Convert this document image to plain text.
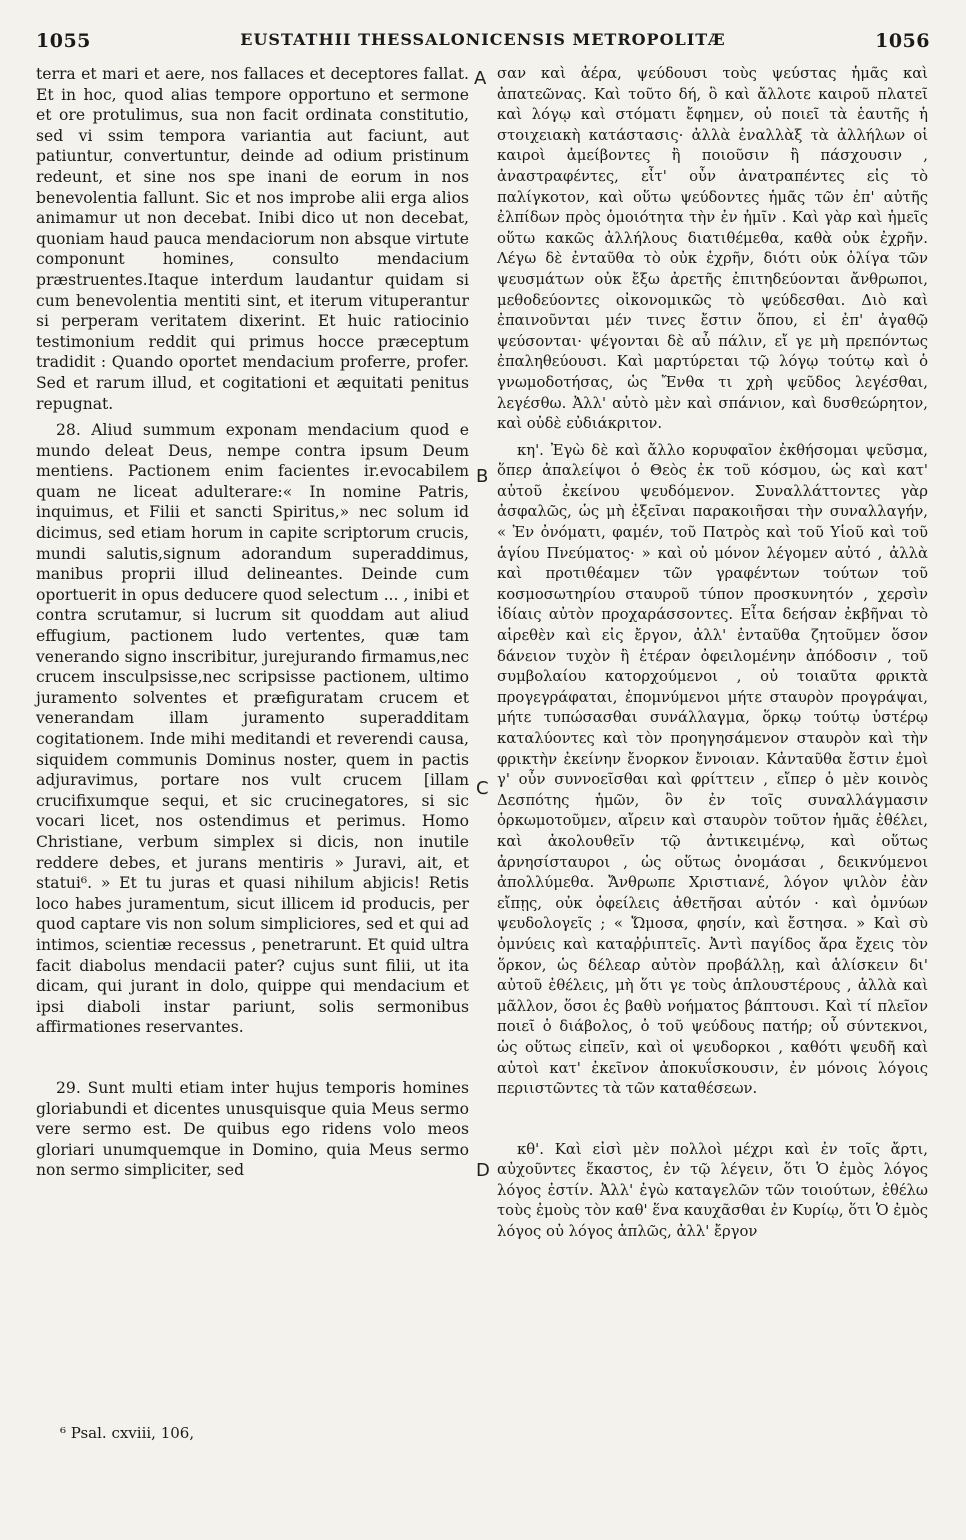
1055	EUSTATHII THESSALONICENSIS METROPOLITÆ	1056

terra et mari et aere, nos fallaces et deceptores fallat. Et in hoc, quod alias tempore opportuno et sermone et ore protulimus, sua non facit ordinata constitutio, sed vi ssim tempora variantia aut faciunt, aut patiuntur, convertuntur, deinde ad odium pristinum redeunt, et sine nos spe inani de eorum in nos benevolentia fallunt. Sic et nos improbe alii erga alios animamur ut non decebat. Inibi dico ut non decebat, quoniam haud pauca mendaciorum non absque virtute componunt homines, consulto mendacium præstruentes.Itaque interdum laudantur quidam si cum benevolentia mentiti sint, et iterum vituperantur si perperam veritatem dixerint. Et huic ratiocinio testimonium reddit qui primus hocce præceptum tradidit : Quando oportet mendacium proferre, profer. Sed et rarum illud, et cogitationi et æquitati penitus repugnat.

28. Aliud summum exponam mendacium quod e mundo deleat Deus, nempe contra ipsum Deum mentiens. Pactionem enim facientes ir.evocabilem quam ne liceat adulterare:« In nomine Patris, inquimus, et Filii et sancti Spiritus,» nec solum id dicimus, sed etiam horum in capite scriptorum crucis, mundi salutis,signum adorandum superaddimus, manibus proprii illud delineantes. Deinde cum oportuerit in opus deducere quod selectum ... , inibi et contra scrutamur, si lucrum sit quoddam aut aliud effugium, pactionem ludo vertentes, quæ tam venerando signo inscribitur, jurejurando firmamus,nec crucem insculpsisse,nec scripsisse pactionem, ultimo juramento solventes et præfiguratam crucem et venerandam illam juramento superadditam cogitationem. Inde mihi meditandi et reverendi causa, siquidem communis Dominus noster, quem in pactis adjuravimus, portare nos vult crucem [illam crucifixumque sequi, et sic crucinegatores, si sic vocari licet, nos ostendimus et perimus. Homo Christiane, verbum simplex si dicis, non inutile reddere debes, et jurans mentiris » Juravi, ait, et statui⁶. » Et tu juras et quasi nihilum abjicis! Retis loco habes juramentum, sicut illicem id producis, per quod captare vis non solum simpliciores, sed et qui ad intimos, scientiæ recessus , penetrarunt. Et quid ultra facit diabolus mendacii pater? cujus sunt filii, ut ita dicam, qui jurant in dolo, quippe qui mendacium et ipsi diaboli instar pariunt, solis sermonibus affirmationes reservantes.

29. Sunt multi etiam inter hujus temporis homines gloriabundi et dicentes unusquisque quia Meus sermo vere sermo est. De quibus ego ridens volo meos gloriari unumquemque in Domino, quia Meus sermo non sermo simpliciter, sed

σαν καὶ ἀέρα, ψεύδουσι τοὺς ψεύστας ἡμᾶς καὶ ἀπατεῶνας. Καὶ τοῦτο δή, ὃ καὶ ἄλλοτε καιροῦ πλατεῖ καὶ λόγῳ καὶ στόματι ἔφημεν, οὐ ποιεῖ τὰ ἑαυτῆς ἡ στοιχειακὴ κατάστασις· ἀλλὰ ἐναλλὰξ τὰ ἀλλήλων οἱ καιροὶ ἀμείβοντες ἢ ποιοῦσιν ἢ πάσχουσιν , ἀναστραφέντες, εἶτ' οὖν ἀνατραπέντες εἰς τὸ παλίγκοτον, καὶ οὕτω ψεύδοντες ἡμᾶς τῶν ἐπ' αὐτῆς ἐλπίδων πρὸς ὁμοιότητα τὴν ἐν ἡμῖν . Καὶ γὰρ καὶ ἡμεῖς οὕτω κακῶς ἀλλήλους διατιθέμεθα, καθὰ οὐκ ἐχρῆν. Λέγω δὲ ἐνταῦθα τὸ οὐκ ἐχρῆν, διότι οὐκ ὀλίγα τῶν ψευσμάτων οὐκ ἔξω ἀρετῆς ἐπιτηδεύονται ἄνθρωποι, μεθοδεύοντες οἰκονομικῶς τὸ ψεύδεσθαι. Διὸ καὶ ἐπαινοῦνται μέν τινες ἔστιν ὅπου, εἰ ἐπ' ἀγαθῷ ψεύσονται· ψέγονται δὲ αὖ πάλιν, εἴ γε μὴ πρεπόντως ἐπαληθεύουσι. Καὶ μαρτύρεται τῷ λόγῳ τούτῳ καὶ ὁ γνωμοδοτήσας, ὡς Ἔνθα τι χρὴ ψεῦδος λεγέσθαι, λεγέσθω. Ἀλλ' αὐτὸ μὲν καὶ σπάνιον, καὶ δυσθεώρητον, καὶ οὐδὲ εὐδιάκριτον.

κη'. Ἐγὼ δὲ καὶ ἄλλο κορυφαῖον ἐκθήσομαι ψεῦσμα, ὅπερ ἀπαλείψοι ὁ Θεὸς ἐκ τοῦ κόσμου, ὡς καὶ κατ' αὐτοῦ ἐκείνου ψευδόμενον. Συναλλάττοντες γὰρ ἀσφαλῶς, ὡς μὴ ἐξεῖναι παρακοιῆσαι τὴν συναλλαγήν, « Ἐν ὀνόματι, φαμέν, τοῦ Πατρὸς καὶ τοῦ Υἱοῦ καὶ τοῦ ἁγίου Πνεύματος· » καὶ οὐ μόνον λέγομεν αὐτό , ἀλλὰ καὶ προτιθέαμεν τῶν γραφέντων τούτων τοῦ κοσμοσωτηρίου σταυροῦ τύπον προσκυνητόν , χερσὶν ἰδίαις αὐτὸν προχαράσσοντες. Εἶτα δεήσαν ἐκβῆναι τὸ αἱρεθὲν καὶ εἰς ἔργον, ἀλλ' ἐνταῦθα ζητοῦμεν ὅσον δάνειον τυχὸν ἢ ἑτέραν ὀφειλομένην ἀπόδοσιν , τοῦ συμβολαίου κατορχούμενοι , οὐ τοιαῦτα φρικτὰ προγεγράφαται, ἐπομνύμενοι μήτε σταυρὸν προγράψαι, μήτε τυπώσασθαι συνάλλαγμα, ὅρκῳ τούτῳ ὑστέρῳ καταλύοντες καὶ τὸν προηγησάμενον σταυρὸν καὶ τὴν φρικτὴν ἐκείνην ἔνορκον ἔννοιαν. Κἀνταῦθα ἔστιν ἐμοὶ γ' οὖν συννοεῖσθαι καὶ φρίττειν , εἴπερ ὁ μὲν κοινὸς Δεσπότης ἡμῶν, ὃν ἐν τοῖς συναλλάγμασιν ὁρκωμοτοῦμεν, αἴρειν καὶ σταυρὸν τοῦτον ἡμᾶς ἐθέλει, καὶ ἀκολουθεῖν τῷ ἀντικειμένῳ, καὶ οὕτως ἀρνησίσταυροι , ὡς οὕτως ὀνομάσαι , δεικνύμενοι ἀπολλύμεθα. Ἄνθρωπε Χριστιανέ, λόγον ψιλὸν ἐὰν εἴπῃς, οὐκ ὀφείλεις ἀθετῆσαι αὐτόν · καὶ ὀμνύων ψευδολογεῖς ; « Ὤμοσα, φησίν, καὶ ἔστησα. » Καὶ σὺ ὀμνύεις καὶ καταῤῥιπτεῖς. Ἀντὶ παγίδος ἄρα ἔχεις τὸν ὅρκον, ὡς δέλεαρ αὐτὸν προβάλλῃ, καὶ ἁλίσκειν δι' αὐτοῦ ἐθέλεις, μὴ ὅτι γε τοὺς ἁπλουστέρους , ἀλλὰ καὶ μᾶλλον, ὅσοι ἐς βαθὺ νοήματος βάπτουσι. Καὶ τί πλεῖον ποιεῖ ὁ διάβολος, ὁ τοῦ ψεύδους πατήρ; οὗ σύντεκνοι, ὡς οὕτως εἰπεῖν, καὶ οἱ ψευδορκοι , καθότι ψευδῆ καὶ αὐτοὶ κατ' ἐκεῖνον ἀποκυΐσκουσιν, ἐν μόνοις λόγοις περιιστῶντες τὰ τῶν καταθέσεων.

κθ'. Καὶ εἰσὶ μὲν πολλοὶ μέχρι καὶ ἐν τοῖς ἄρτι, αὐχοῦντες ἕκαστος, ἐν τῷ λέγειν, ὅτι Ὁ ἐμὸς λόγος λόγος ἐστίν. Ἀλλ' ἐγὼ καταγελῶν τῶν τοιούτων, ἐθέλω τοὺς ἐμοὺς τὸν καθ' ἕνα καυχᾶσθαι ἐν Κυρίῳ, ὅτι Ὁ ἐμὸς λόγος οὐ λόγος ἁπλῶς, ἀλλ' ἔργον

A
B
C
D
⁶ Psal. cxviii, 106,
